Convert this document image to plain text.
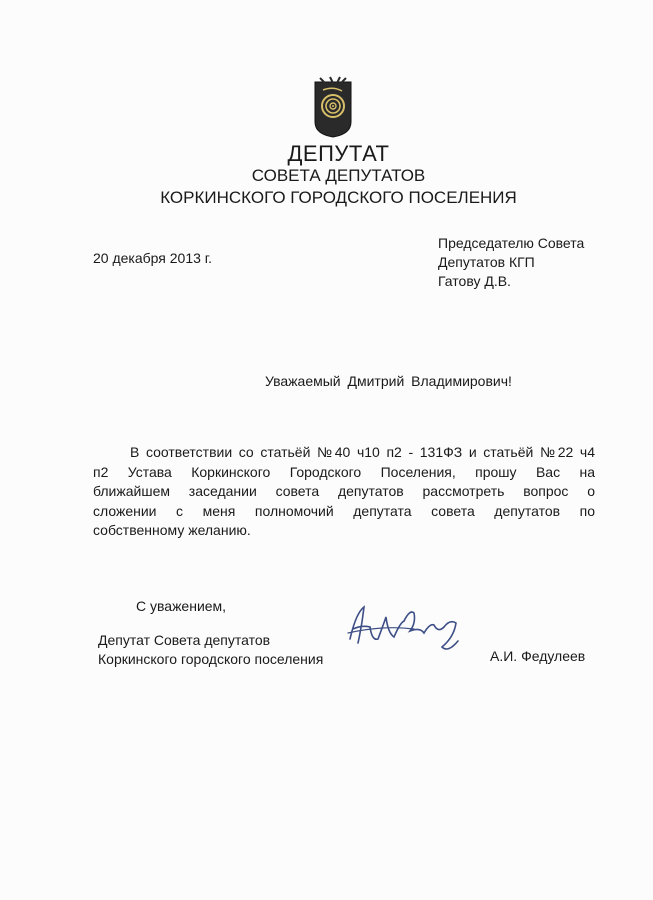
ДЕПУТАТ
СОВЕТА ДЕПУТАТОВ
КОРКИНСКОГО ГОРОДСКОГО ПОСЕЛЕНИЯ
20 декабря 2013 г.
Председателю Совета
Депутатов КГП
Гатову Д.В.
Уважаемый Дмитрий Владимирович!
В соответствии со статьёй №40 ч10 п2 - 131ФЗ и статьёй №22 ч4
п2 Устава Коркинского Городского Поселения, прошу Вас на
ближайшем заседании совета депутатов рассмотреть вопрос о
сложении с меня полномочий депутата совета депутатов по
собственному желанию.
С уважением,
Депутат Совета депутатов
Коркинского городского поселения	А.И. Федулеев
